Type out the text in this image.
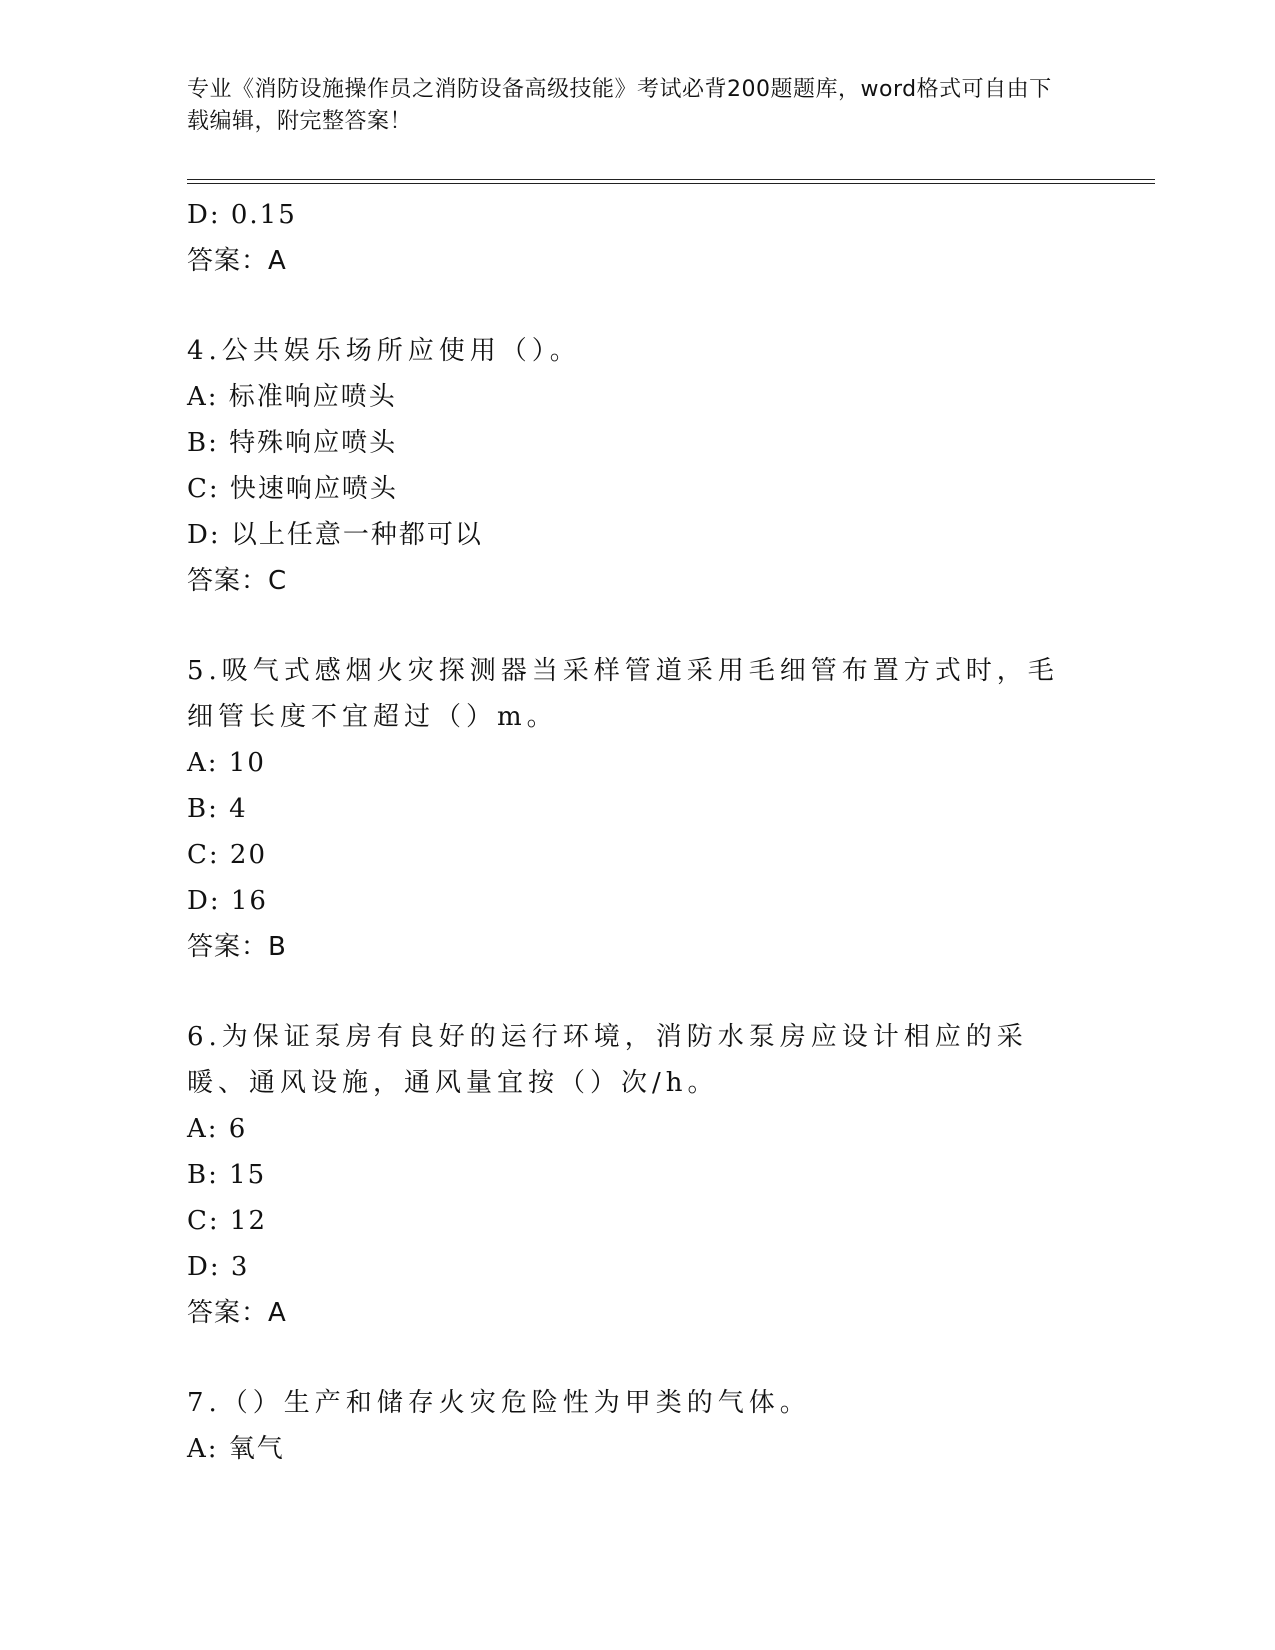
专业《消防设施操作员之消防设备高级技能》考试必背200题题库，word格式可自由下载编辑，附完整答案！
D: 0.15
答案：A
4.公共娱乐场所应使用（）。
A: 标准响应喷头
B: 特殊响应喷头
C: 快速响应喷头
D: 以上任意一种都可以
答案：C
5.吸气式感烟火灾探测器当采样管道采用毛细管布置方式时，毛细管长度不宜超过（）m。
A: 10
B: 4
C: 20
D: 16
答案：B
6.为保证泵房有良好的运行环境，消防水泵房应设计相应的采暖、通风设施，通风量宜按（）次/h。
A: 6
B: 15
C: 12
D: 3
答案：A
7.（）生产和储存火灾危险性为甲类的气体。
A: 氧气
